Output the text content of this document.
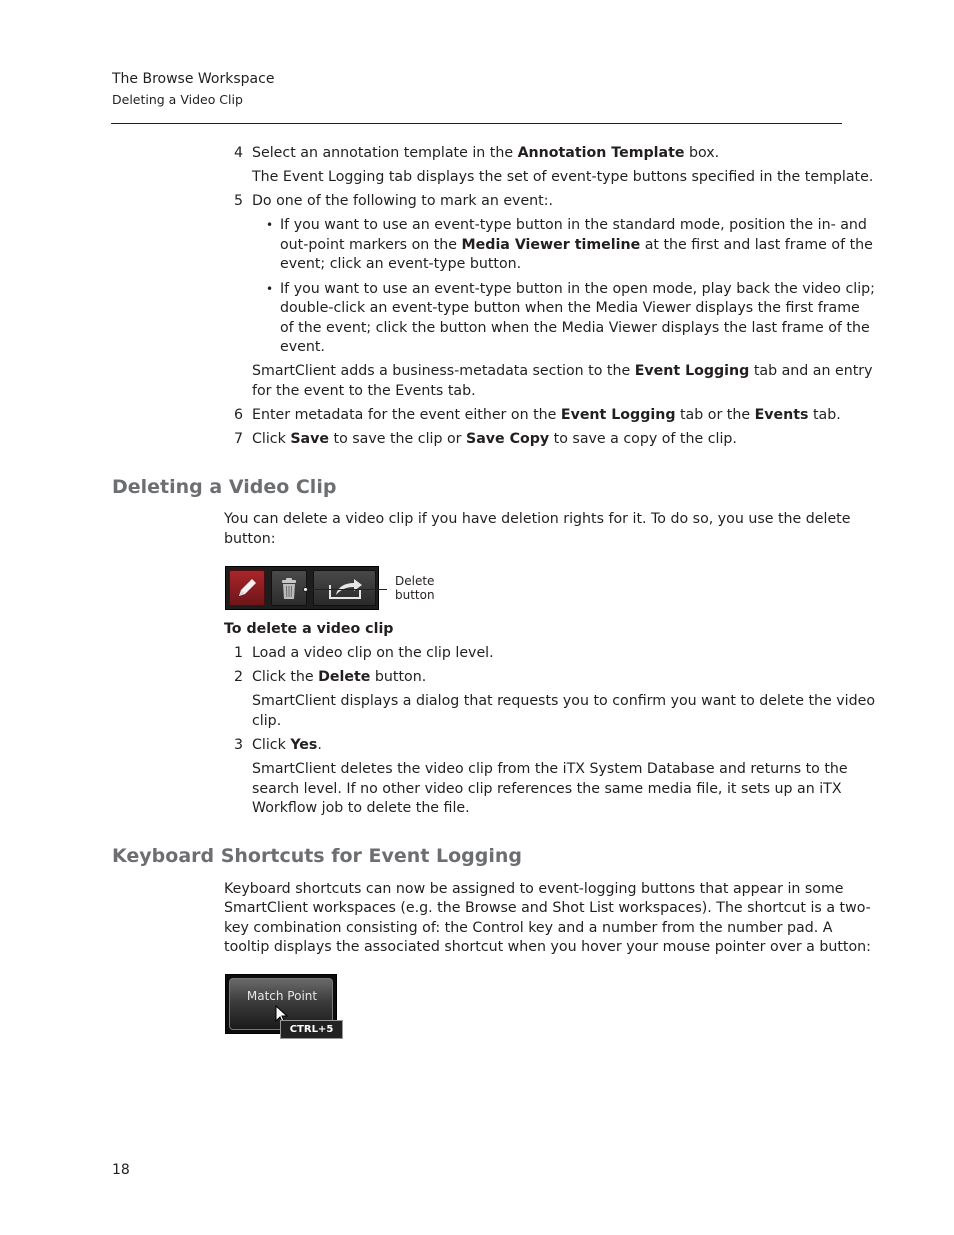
The Browse Workspace
Deleting a Video Clip
4 Select an annotation template in the Annotation Template box.
The Event Logging tab displays the set of event-type buttons specified in the template.
5 Do one of the following to mark an event:.
• If you want to use an event-type button in the standard mode, position the in- and
out-point markers on the Media Viewer timeline at the first and last frame of the
event; click an event-type button.
• If you want to use an event-type button in the open mode, play back the video clip;
double-click an event-type button when the Media Viewer displays the first frame
of the event; click the button when the Media Viewer displays the last frame of the
event.
SmartClient adds a business-metadata section to the Event Logging tab and an entry
for the event to the Events tab.
6 Enter metadata for the event either on the Event Logging tab or the Events tab.
7 Click Save to save the clip or Save Copy to save a copy of the clip.
Deleting a Video Clip
You can delete a video clip if you have deletion rights for it. To do so, you use the delete
button:
Delete
button
To delete a video clip
1 Load a video clip on the clip level.
2 Click the Delete button.
SmartClient displays a dialog that requests you to confirm you want to delete the video
clip.
3 Click Yes.
SmartClient deletes the video clip from the iTX System Database and returns to the
search level. If no other video clip references the same media file, it sets up an iTX
Workflow job to delete the file.
Keyboard Shortcuts for Event Logging
Keyboard shortcuts can now be assigned to event-logging buttons that appear in some
SmartClient workspaces (e.g. the Browse and Shot List workspaces). The shortcut is a two-
key combination consisting of: the Control key and a number from the number pad. A
tooltip displays the associated shortcut when you hover your mouse pointer over a button:
Match Point
CTRL+5
18
